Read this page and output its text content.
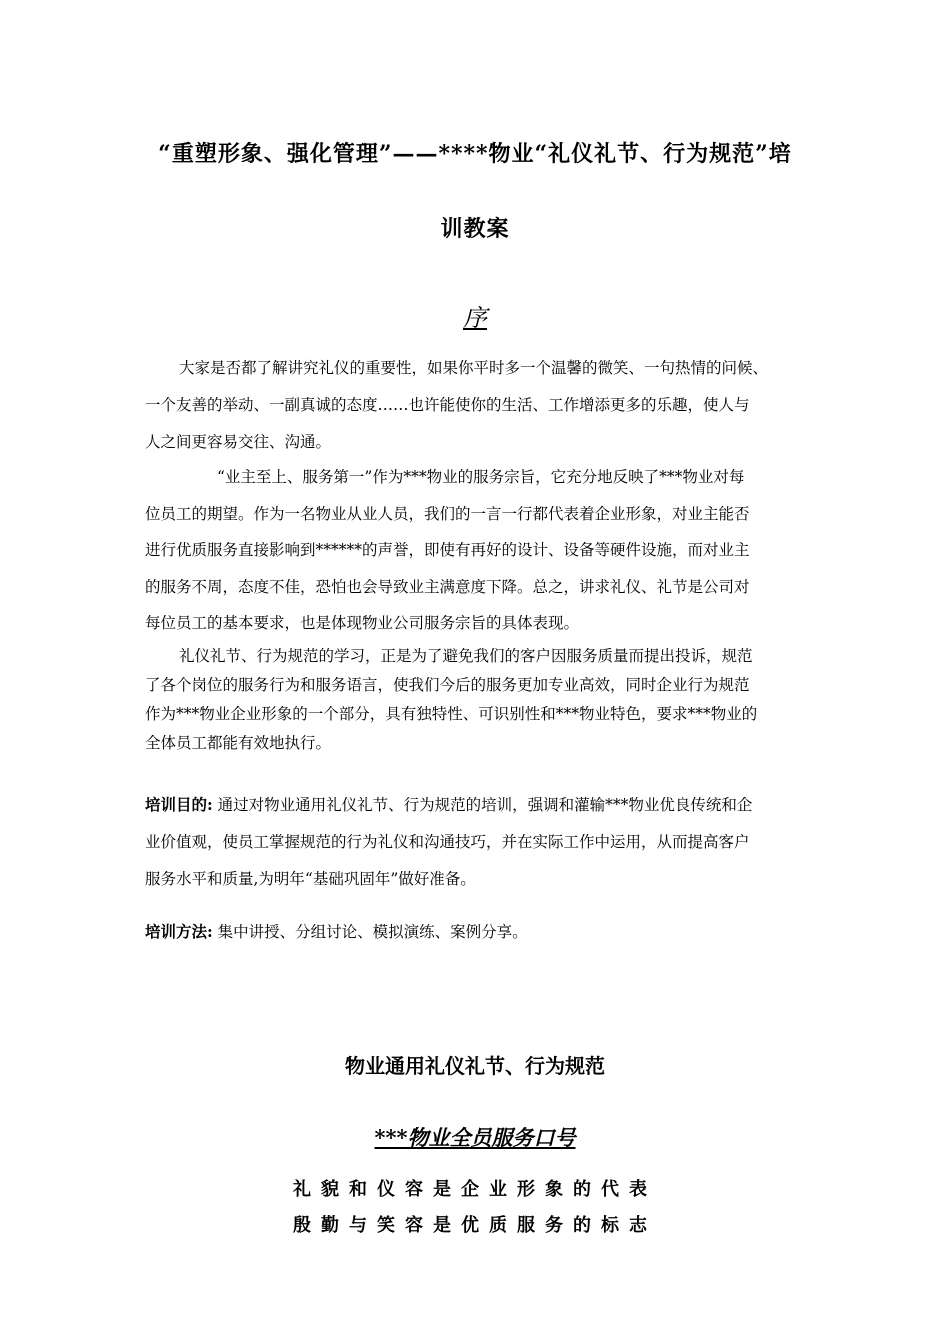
“重塑形象、强化管理”——****物业“礼仪礼节、行为规范”培
训教案
序
大家是否都了解讲究礼仪的重要性，如果你平时多一个温馨的微笑、一句热情的问候、
一个友善的举动、一副真诚的态度……也许能使你的生活、工作增添更多的乐趣，使人与
人之间更容易交往、沟通。
“业主至上、服务第一”作为***物业的服务宗旨，它充分地反映了***物业对每
位员工的期望。作为一名物业从业人员，我们的一言一行都代表着企业形象，对业主能否
进行优质服务直接影响到******的声誉，即使有再好的设计、设备等硬件设施，而对业主
的服务不周，态度不佳，恐怕也会导致业主满意度下降。总之，讲求礼仪、礼节是公司对
每位员工的基本要求，也是体现物业公司服务宗旨的具体表现。
礼仪礼节、行为规范的学习，正是为了避免我们的客户因服务质量而提出投诉，规范
了各个岗位的服务行为和服务语言，使我们今后的服务更加专业高效，同时企业行为规范
作为***物业企业形象的一个部分，具有独特性、可识别性和***物业特色，要求***物业的
全体员工都能有效地执行。
培训目的: 通过对物业通用礼仪礼节、行为规范的培训，强调和灌输***物业优良传统和企
业价值观，使员工掌握规范的行为礼仪和沟通技巧，并在实际工作中运用，从而提高客户
服务水平和质量,为明年“基础巩固年”做好准备。
培训方法: 集中讲授、分组讨论、模拟演练、案例分享。
物业通用礼仪礼节、行为规范
***物业全员服务口号
礼貌和仪容是企业形象的代表
殷勤与笑容是优质服务的标志
